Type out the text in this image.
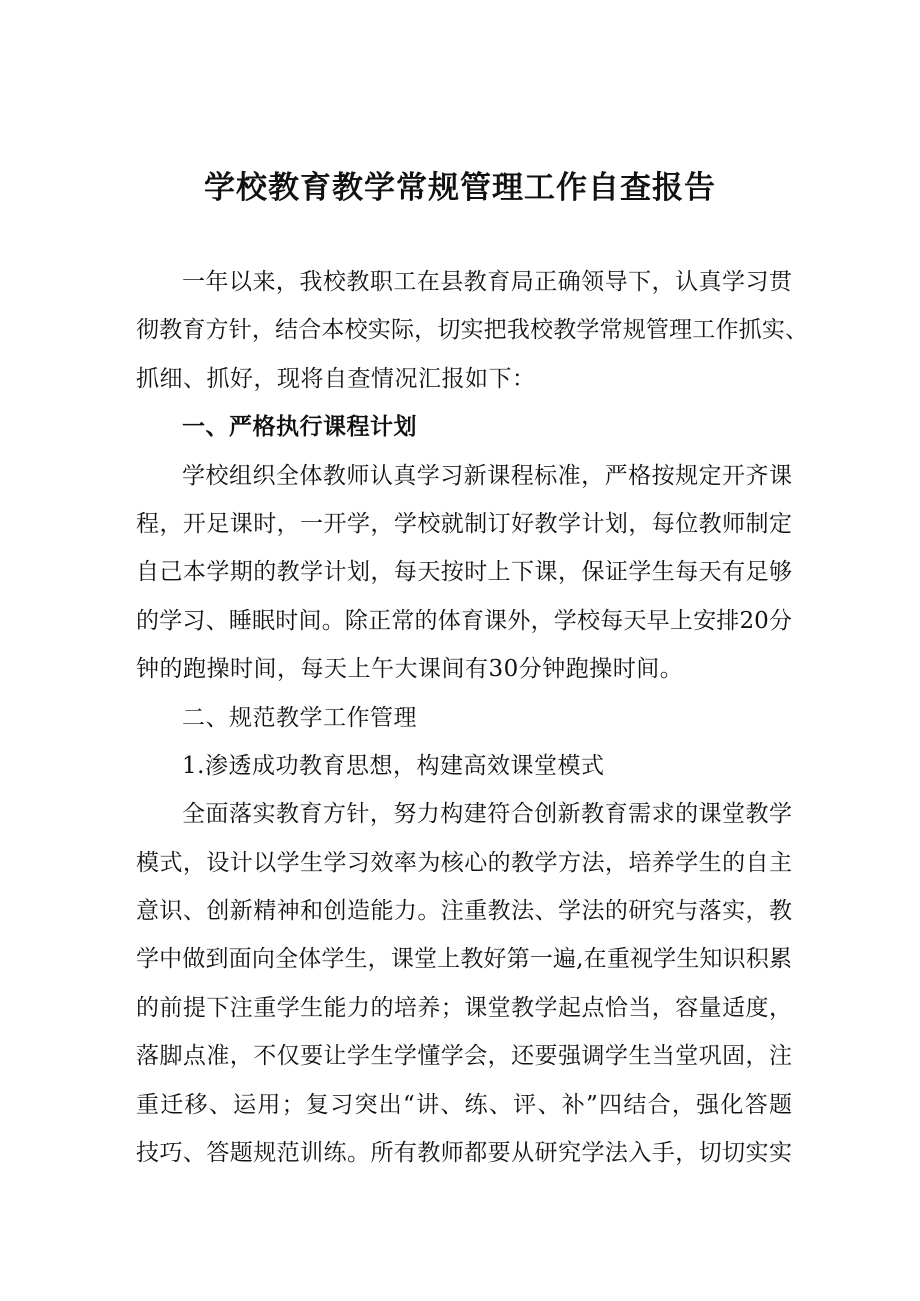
学校教育教学常规管理工作自查报告
一年以来，我校教职工在县教育局正确领导下，认真学习贯
彻教育方针，结合本校实际，切实把我校教学常规管理工作抓实、
抓细、抓好，现将自查情况汇报如下：
一、严格执行课程计划
学校组织全体教师认真学习新课程标准，严格按规定开齐课
程，开足课时，一开学，学校就制订好教学计划，每位教师制定
自己本学期的教学计划，每天按时上下课，保证学生每天有足够
的学习、睡眠时间。除正常的体育课外，学校每天早上安排20分
钟的跑操时间，每天上午大课间有30分钟跑操时间。
二、规范教学工作管理
1.渗透成功教育思想，构建高效课堂模式
全面落实教育方针，努力构建符合创新教育需求的课堂教学
模式，设计以学生学习效率为核心的教学方法，培养学生的自主
意识、创新精神和创造能力。注重教法、学法的研究与落实，教
学中做到面向全体学生，课堂上教好第一遍,在重视学生知识积累
的前提下注重学生能力的培养；课堂教学起点恰当，容量适度，
落脚点准，不仅要让学生学懂学会，还要强调学生当堂巩固，注
重迁移、运用；复习突出“讲、练、评、补”四结合，强化答题
技巧、答题规范训练。所有教师都要从研究学法入手，切切实实
